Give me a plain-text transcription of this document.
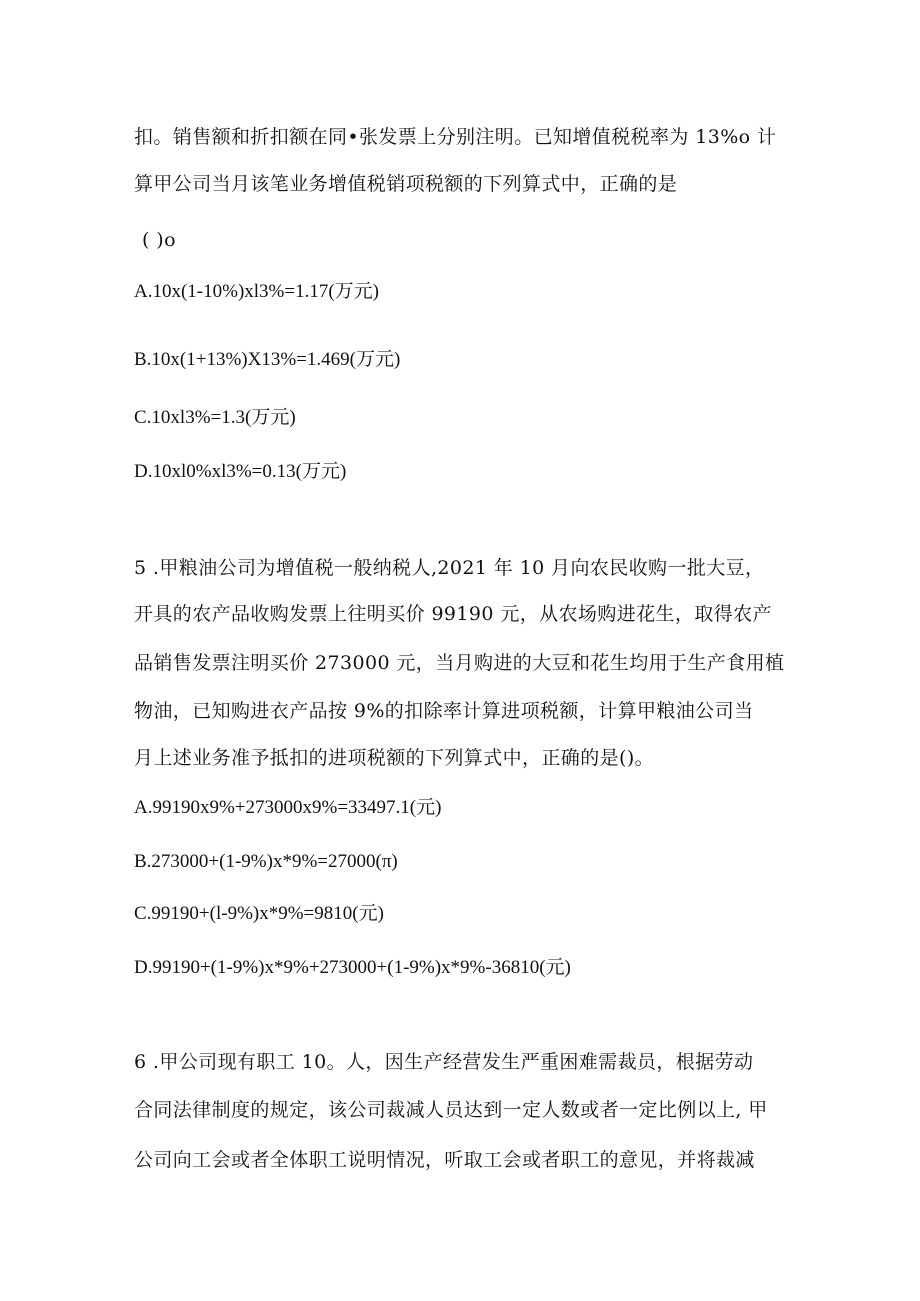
扣。销售额和折扣额在同•张发票上分别注明。已知增值税税率为 13%o 计
算甲公司当月该笔业务增值税销项税额的下列算式中，正确的是
( )o
A.10x(1-10%)xl3%=1.17(万元)
B.10x(1+13%)X13%=1.469(万元)
C.10xl3%=1.3(万元)
D.10xl0%xl3%=0.13(万元)
5 .甲粮油公司为增值税一般纳税人,2021 年 10 月向农民收购一批大豆，
开具的农产品收购发票上往明买价 99190 元，从农场购进花生，取得农产
品销售发票注明买价 273000 元，当月购进的大豆和花生均用于生产食用植
物油，已知购进衣产品按 9%的扣除率计算进项税额，计算甲粮油公司当
月上述业务准予抵扣的进项税额的下列算式中，正确的是()。
A.99190x9%+273000x9%=33497.1(元)
B.273000+(1-9%)x*9%=27000(π)
C.99190+(l-9%)x*9%=9810(元)
D.99190+(1-9%)x*9%+273000+(1-9%)x*9%-36810(元)
6 .甲公司现有职工 10。人，因生产经营发生严重困难需裁员，根据劳动
合同法律制度的规定，该公司裁减人员达到一定人数或者一定比例以上, 甲
公司向工会或者全体职工说明情况，听取工会或者职工的意见，并将裁减
